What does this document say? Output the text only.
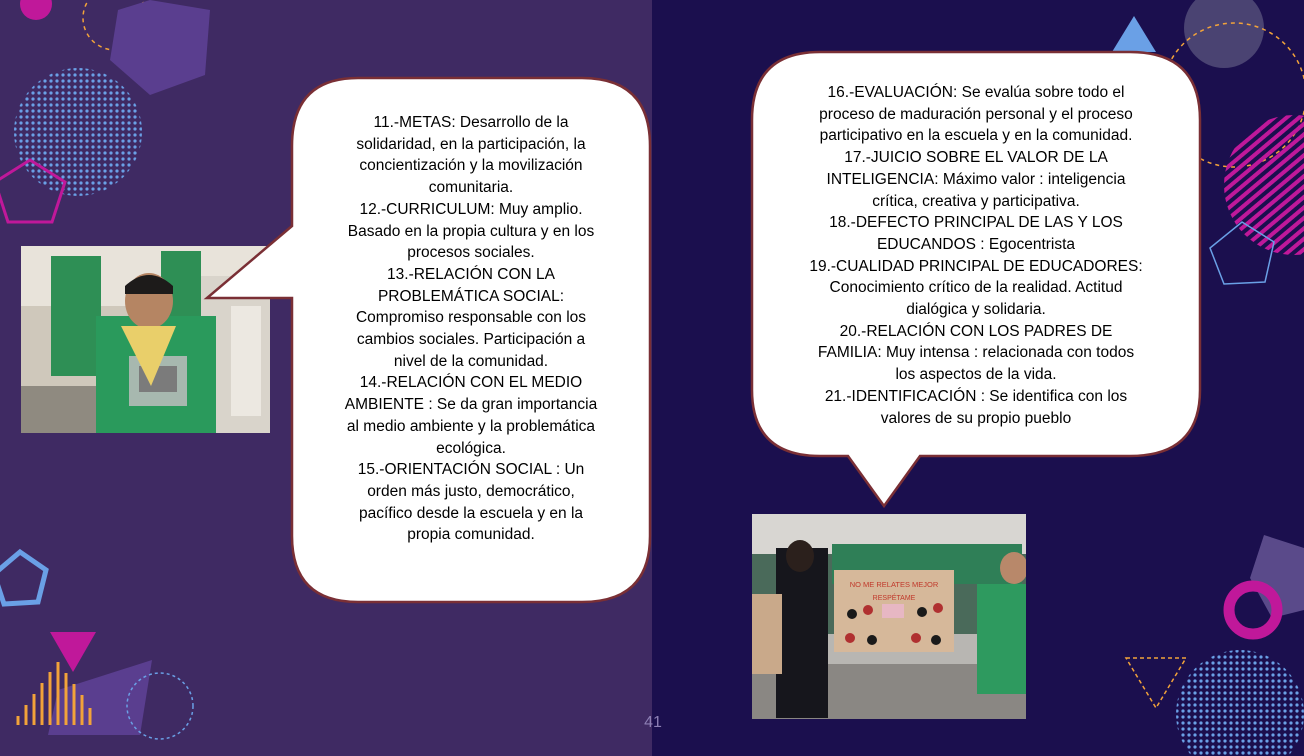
11.-METAS: Desarrollo de la
solidaridad, en la participación, la
concientización y la movilización
comunitaria.
12.-CURRICULUM: Muy amplio.
Basado en la propia cultura y en los
procesos sociales.
13.-RELACIÓN CON LA
PROBLEMÁTICA SOCIAL:
Compromiso responsable con los
cambios sociales. Participación a
nivel de la comunidad.
14.-RELACIÓN CON EL MEDIO
AMBIENTE : Se da gran importancia
al medio ambiente y la problemática
ecológica.
15.-ORIENTACIÓN SOCIAL : Un
orden más justo, democrático,
pacífico desde la escuela y en la
propia comunidad.
16.-EVALUACIÓN: Se evalúa sobre todo el
proceso de maduración personal y el proceso
participativo en la escuela y en la comunidad.
17.-JUICIO SOBRE EL VALOR DE LA
INTELIGENCIA: Máximo valor : inteligencia
crítica, creativa y participativa.
18.-DEFECTO PRINCIPAL DE LAS Y LOS
EDUCANDOS : Egocentrista
19.-CUALIDAD PRINCIPAL DE EDUCADORES:
Conocimiento crítico de la realidad. Actitud
dialógica y solidaria.
20.-RELACIÓN CON LOS PADRES DE
FAMILIA: Muy intensa : relacionada con todos
los aspectos de la vida.
21.-IDENTIFICACIÓN : Se identifica con los
valores de su propio pueblo
NO ME RELATES MEJOR
RESPÉTAME
41
